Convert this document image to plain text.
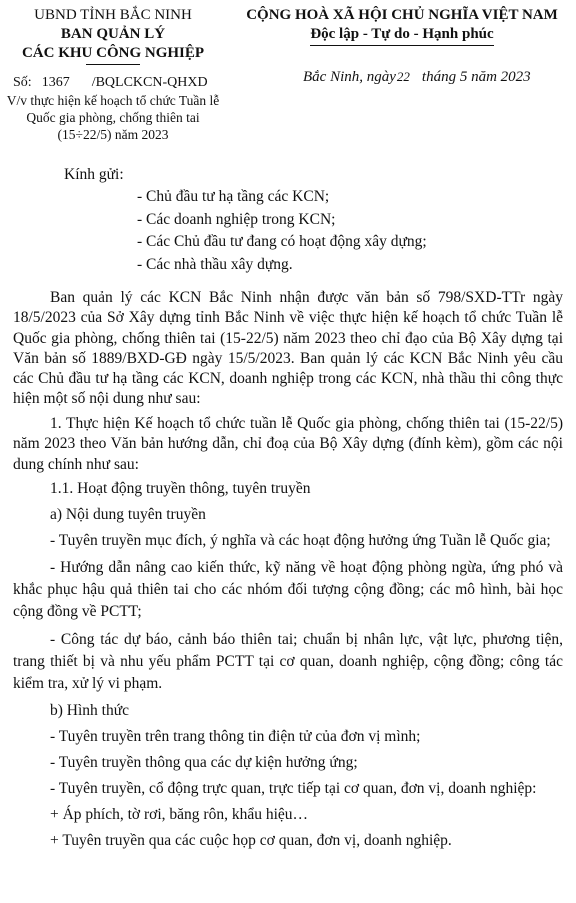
UBND TỈNH BẮC NINH
BAN QUẢN LÝ
CÁC KHU CÔNG NGHIỆP
CỘNG HOÀ XÃ HỘI CHỦ NGHĨA VIỆT NAM
Độc lập - Tự do - Hạnh phúc
Số: 1367 /BQLCKCN-QHXD
V/v thực hiện kế hoạch tổ chức Tuần lễ Quốc gia phòng, chống thiên tai (15÷22/5) năm 2023
Bắc Ninh, ngày22 tháng 5 năm 2023
Kính gửi:
- Chủ đầu tư hạ tầng các KCN;
- Các doanh nghiệp trong KCN;
- Các Chủ đầu tư đang có hoạt động xây dựng;
- Các nhà thầu xây dựng.

Ban quản lý các KCN Bắc Ninh nhận được văn bản số 798/SXD-TTr ngày 18/5/2023 của Sở Xây dựng tỉnh Bắc Ninh về việc thực hiện kế hoạch tổ chức Tuần lễ Quốc gia phòng, chống thiên tai (15-22/5) năm 2023 theo chỉ đạo của Bộ Xây dựng tại Văn bản số 1889/BXD-GĐ ngày 15/5/2023. Ban quản lý các KCN Bắc Ninh yêu cầu các Chủ đầu tư hạ tầng các KCN, doanh nghiệp trong các KCN, nhà thầu thi công thực hiện một số nội dung như sau:

1. Thực hiện Kế hoạch tổ chức tuần lễ Quốc gia phòng, chống thiên tai (15-22/5) năm 2023 theo Văn bản hướng dẫn, chỉ đoạ của Bộ Xây dựng (đính kèm), gồm các nội dung chính như sau:

1.1. Hoạt động truyền thông, tuyên truyền

a) Nội dung tuyên truyền

- Tuyên truyền mục đích, ý nghĩa và các hoạt động hưởng ứng Tuần lễ Quốc gia;

- Hướng dẫn nâng cao kiến thức, kỹ năng về hoạt động phòng ngừa, ứng phó và khắc phục hậu quả thiên tai cho các nhóm đối tượng cộng đồng; các mô hình, bài học cộng đồng về PCTT;

- Công tác dự báo, cảnh báo thiên tai; chuẩn bị nhân lực, vật lực, phương tiện, trang thiết bị và nhu yếu phẩm PCTT tại cơ quan, doanh nghiệp, cộng đồng; công tác kiểm tra, xử lý vi phạm.

b) Hình thức

- Tuyên truyền trên trang thông tin điện tử của đơn vị mình;

- Tuyên truyền thông qua các dự kiện hưởng ứng;

- Tuyên truyền, cổ động trực quan, trực tiếp tại cơ quan, đơn vị, doanh nghiệp:

+ Áp phích, tờ rơi, băng rôn, khẩu hiệu…

+ Tuyên truyền qua các cuộc họp cơ quan, đơn vị, doanh nghiệp.
